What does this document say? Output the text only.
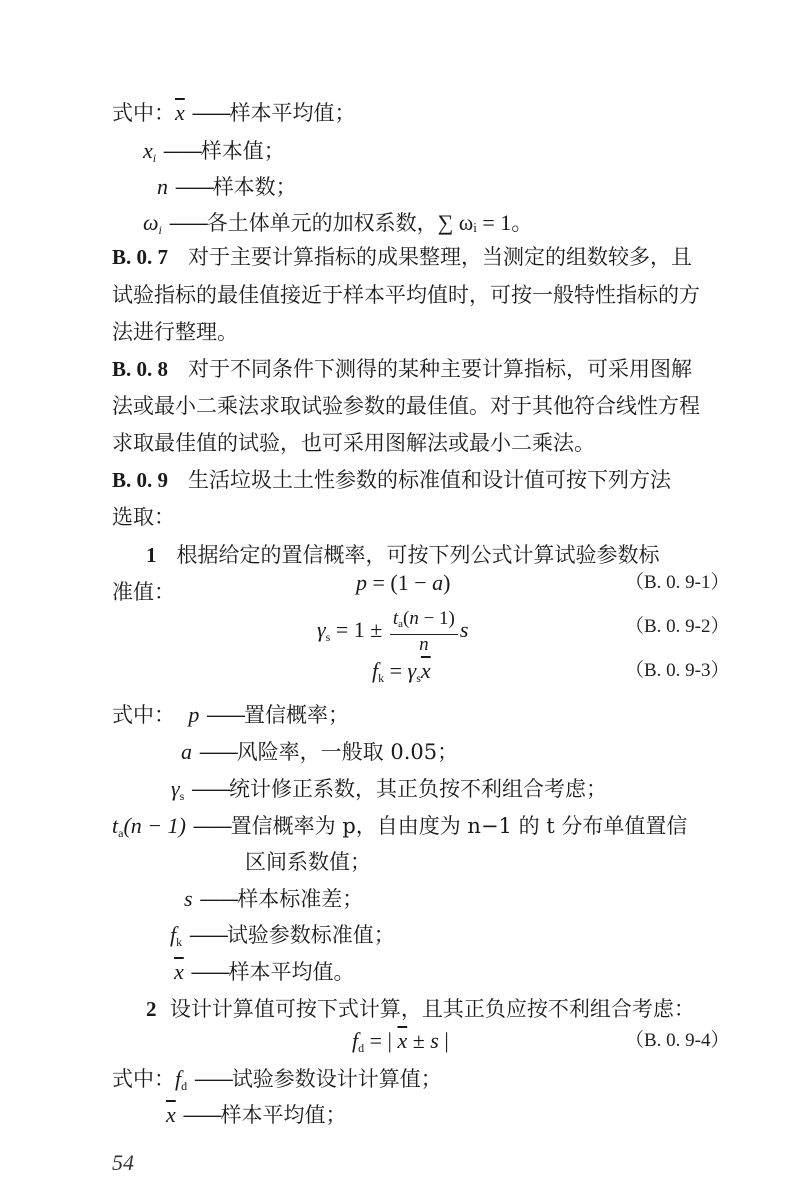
式中：$\overline{x}$ ——样本平均值；
xi ——样本值；
n ——样本数；
ωi ——各土体单元的加权系数，∑ ωᵢ = 1。
B. 0. 7 对于主要计算指标的成果整理，当测定的组数较多，且
试验指标的最佳值接近于样本平均值时，可按一般特性指标的方
法进行整理。
B. 0. 8 对于不同条件下测得的某种主要计算指标，可采用图解
法或最小二乘法求取试验参数的最佳值。对于其他符合线性方程
求取最佳值的试验，也可采用图解法或最小二乘法。
B. 0. 9 生活垃圾土土性参数的标准值和设计值可按下列方法
选取：
1 根据给定的置信概率，可按下列公式计算试验参数标
准值：	p = (1 − a)	（B. 0. 9-1）
$\gamma_s = 1 \pm \frac{t_a(n - 1)}{n}$ s	（B. 0. 9-2）
$f_k = \gamma_s\overline{x}$	（B. 0. 9-3）
式中： p ——置信概率；
a ——风险率，一般取 0.05；
$\gamma_s$ ——统计修正系数，其正负按不利组合考虑；
$t_a(n - 1)$ ——置信概率为 p，自由度为 n−1 的 t 分布单值置信
区间系数值；
s ——样本标准差；
$f_k$ ——试验参数标准值；
$\overline{x}$ ——样本平均值。
2 设计计算值可按下式计算，且其正负应按不利组合考虑：
$f_d$ = | $\overline{x} \pm s$ |	（B. 0. 9-4）
式中：$f_d$ ——试验参数设计计算值；
$\overline{x}$ ——样本平均值；
54
